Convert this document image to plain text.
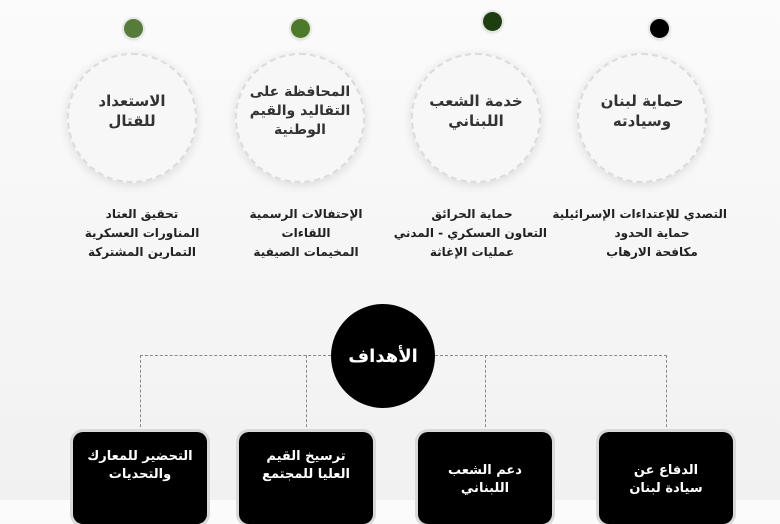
حماية لبنان
وسيادته
خدمة الشعب
اللبناني
المحافظة على
التقاليد والقيم
الوطنية
الاستعداد
للقتال
التصدي للإعتداءات الإسرائيلية
حماية الحدود
مكافحة الارهاب
حماية الحرائق
التعاون العسكري - المدني
عمليات الإغاثة
الإحتفالات الرسمية
اللقاءات
المخيمات الصيفية
تحقيق العتاد
المناورات العسكرية
التمارين المشتركة
الأهداف
الدفاع عن
سيادة لبنان
دعم الشعب
اللبناني
ترسيخ القيم
العليا للمجتمع
التحضير للمعارك
والتحديات
